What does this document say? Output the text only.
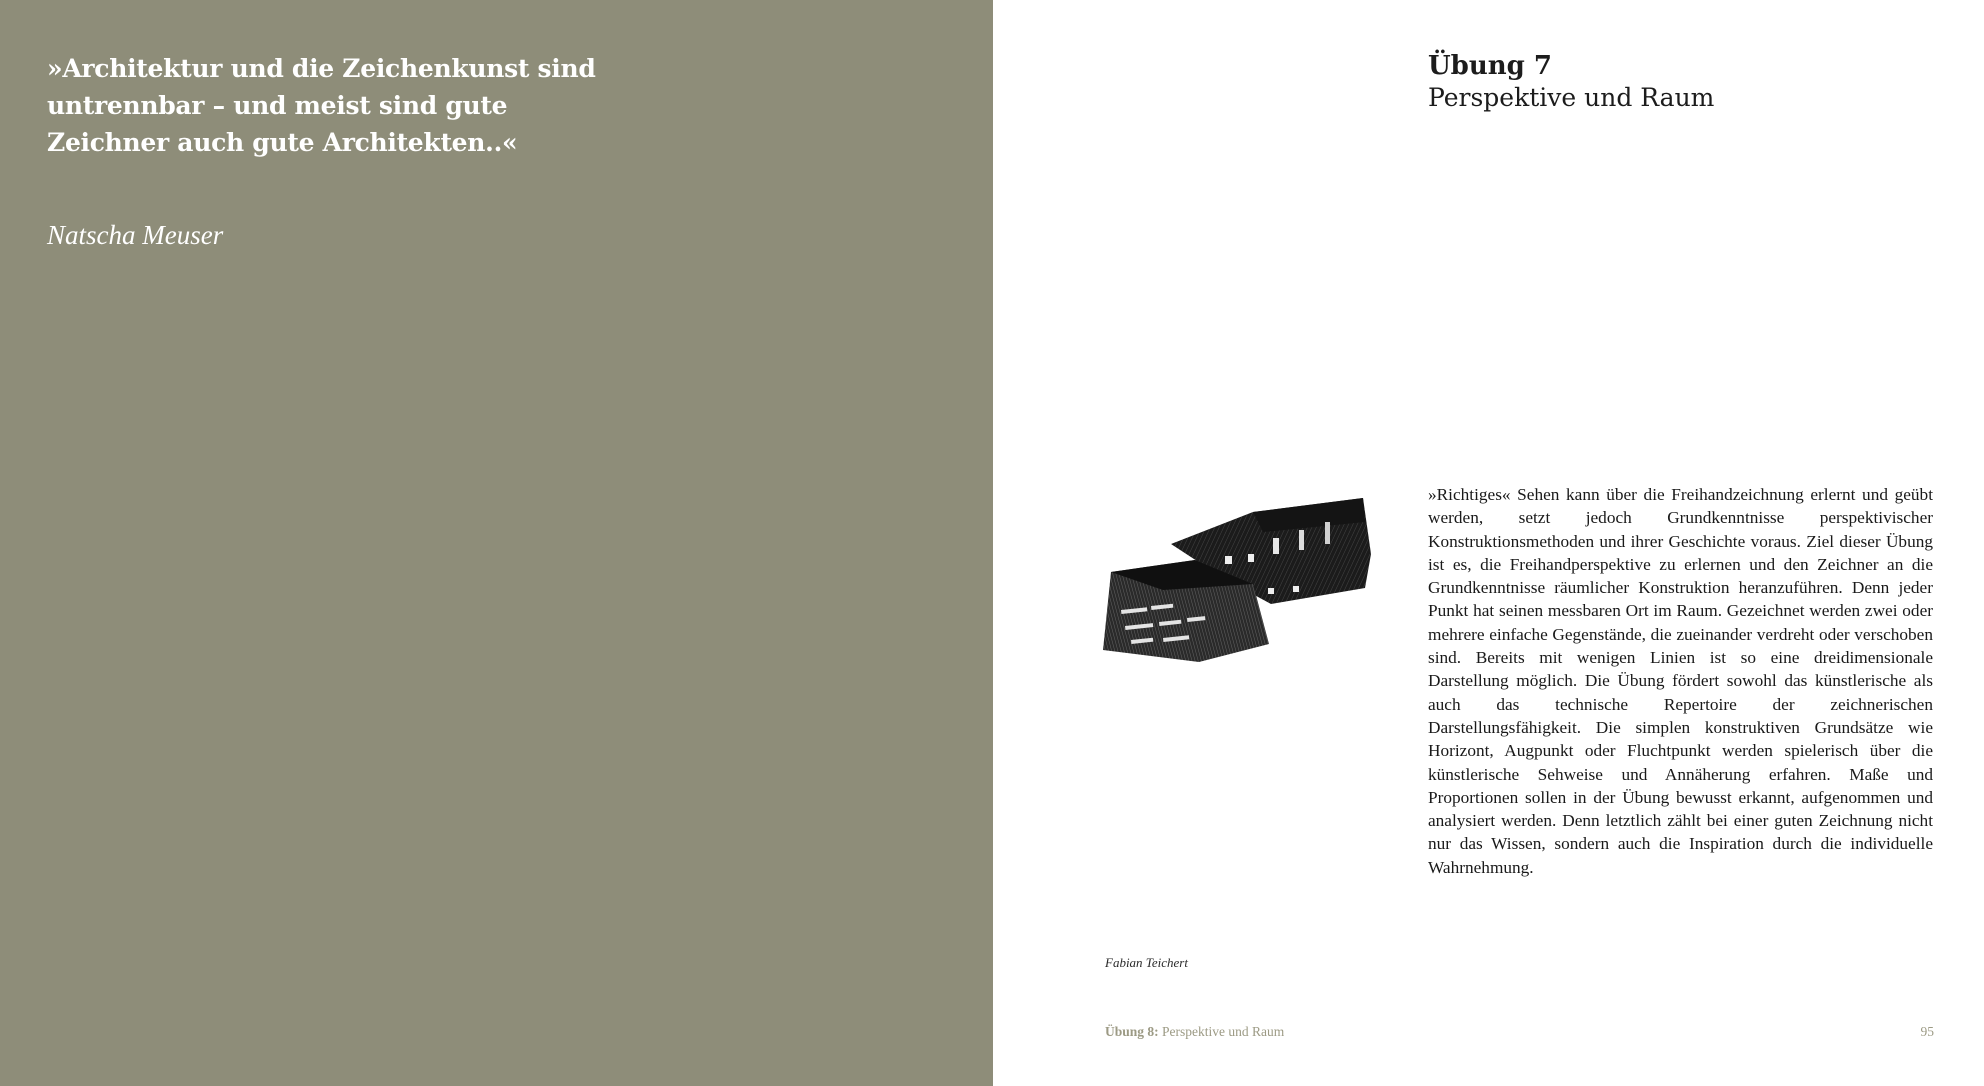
»Architektur und die Zeichenkunst sind untrennbar – und meist sind gute Zeichner auch gute Architekten..«
Natscha Meuser
Übung 7
Perspektive und Raum
»Richtiges« Sehen kann über die Freihandzeichnung erlernt und geübt werden, setzt jedoch Grundkenntnisse perspektivischer Konstruktionsmethoden und ihrer Geschichte voraus. Ziel dieser Übung ist es, die Freihandperspektive zu erlernen und den Zeichner an die Grundkenntnisse räumlicher Konstruktion heranzuführen. Denn jeder Punkt hat seinen messbaren Ort im Raum. Gezeichnet werden zwei oder mehrere einfache Gegenstände, die zueinander verdreht oder verschoben sind. Bereits mit wenigen Linien ist so eine dreidimensionale Darstellung möglich. Die Übung fördert sowohl das künstlerische als auch das technische Repertoire der zeichnerischen Darstellungsfähigkeit. Die simplen konstruktiven Grundsätze wie Horizont, Augpunkt oder Fluchtpunkt werden spielerisch über die künstlerische Sehweise und Annäherung erfahren. Maße und Proportionen sollen in der Übung bewusst erkannt, aufgenommen und analysiert werden. Denn letztlich zählt bei einer guten Zeichnung nicht nur das Wissen, sondern auch die Inspiration durch die individuelle Wahrnehmung.
Fabian Teichert
Übung 8: Perspektive und Raum	95
